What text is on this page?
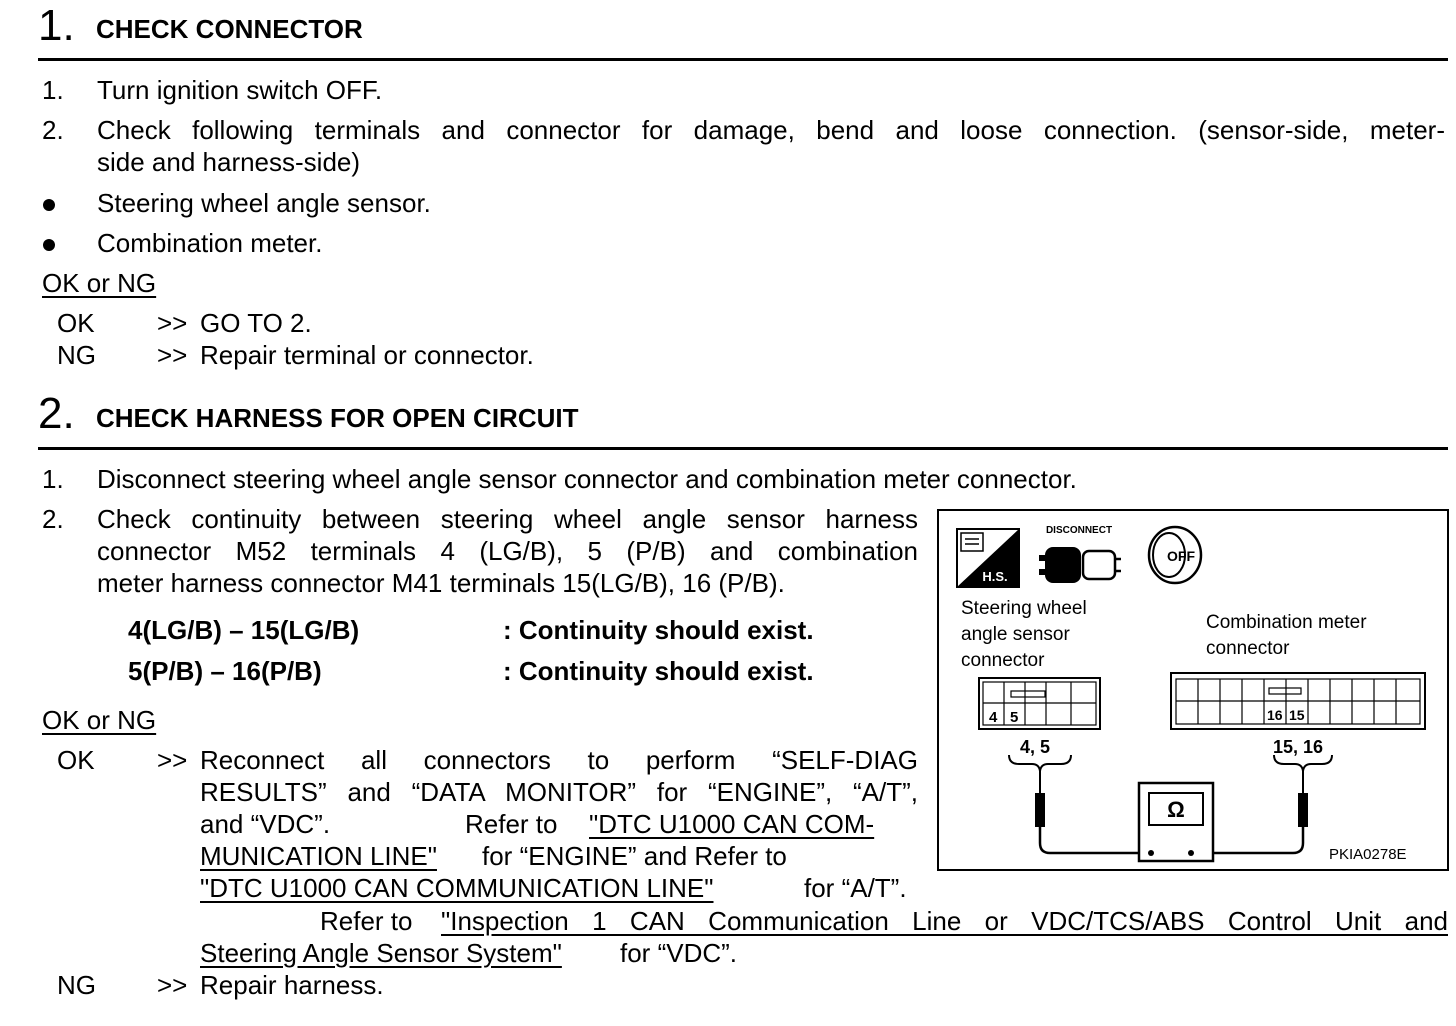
1. CHECK CONNECTOR
1. Turn ignition switch OFF.
2. Check following terminals and connector for damage, bend and loose connection. (sensor-side, meter-
side and harness-side)
Steering wheel angle sensor.
Combination meter.
OK or NG
OK >> GO TO 2.
NG >> Repair terminal or connector.
2. CHECK HARNESS FOR OPEN CIRCUIT
1. Disconnect steering wheel angle sensor connector and combination meter connector.
2. Check continuity between steering wheel angle sensor harness
connector M52 terminals 4 (LG/B), 5 (P/B) and combination
meter harness connector M41 terminals 15(LG/B), 16 (P/B).
4(LG/B) – 15(LG/B)	: Continuity should exist.
5(P/B) – 16(P/B)	: Continuity should exist.
OK or NG
OK >> Reconnect all connectors to perform “SELF-DIAG
RESULTS” and “DATA MONITOR” for “ENGINE”, “A/T”,
and “VDC”.	Refer to "DTC U1000 CAN COM-
MUNICATION LINE" for “ENGINE” and Refer to
"DTC U1000 CAN COMMUNICATION LINE"	for “A/T”.
Refer to "Inspection 1 CAN Communication Line or VDC/TCS/ABS Control Unit and
Steering Angle Sensor System" for “VDC”.
NG >> Repair harness.
H.S.
DISCONNECT
OFF
Steering wheel
angle sensor
connector
Combination meter
connector
4 5	16 15
4, 5	15, 16
Ω
PKIA0278E
